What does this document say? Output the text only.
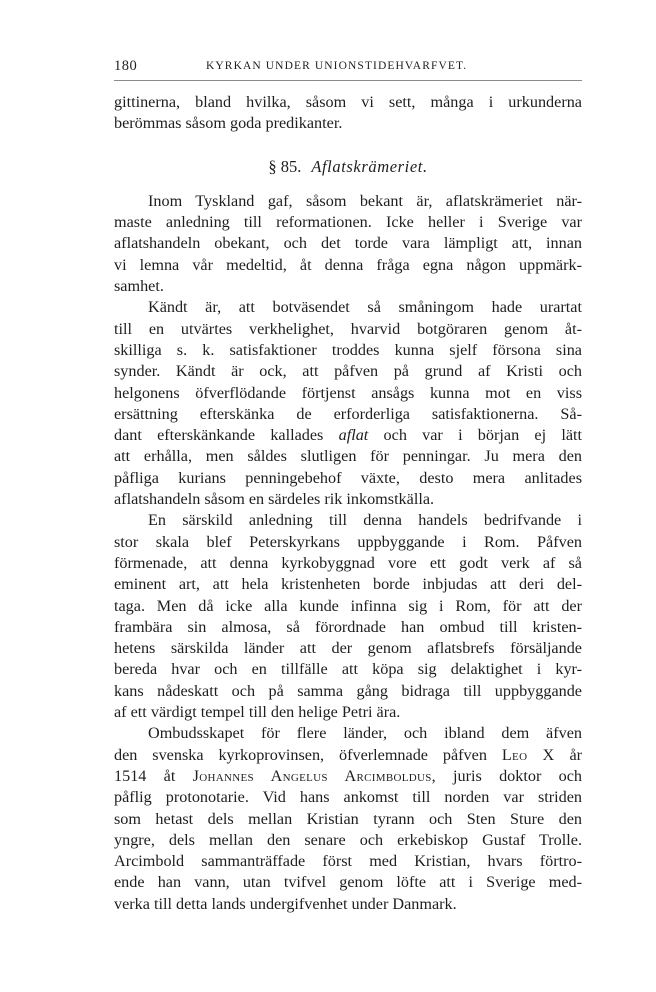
180	KYRKAN UNDER UNIONSTIDEHVARFVET.
gittinerna, bland hvilka, såsom vi sett, många i urkunderna
berömmas såsom goda predikanter.
§ 85. Aflatskrämeriet.
Inom Tyskland gaf, såsom bekant är, aflatskrämeriet när-
maste anledning till reformationen. Icke heller i Sverige var
aflatshandeln obekant, och det torde vara lämpligt att, innan
vi lemna vår medeltid, åt denna fråga egna någon uppmärk-
samhet.
Kändt är, att botväsendet så småningom hade urartat
till en utvärtes verkhelighet, hvarvid botgöraren genom åt-
skilliga s. k. satisfaktioner troddes kunna sjelf försona sina
synder. Kändt är ock, att påfven på grund af Kristi och
helgonens öfverflödande förtjenst ansågs kunna mot en viss
ersättning efterskänka de erforderliga satisfaktionerna. Så-
dant efterskänkande kallades aflat och var i början ej lätt
att erhålla, men såldes slutligen för penningar. Ju mera den
påfliga kurians penningebehof växte, desto mera anlitades
aflatshandeln såsom en särdeles rik inkomstkälla.
En särskild anledning till denna handels bedrifvande i
stor skala blef Peterskyrkans uppbyggande i Rom. Påfven
förmenade, att denna kyrkobyggnad vore ett godt verk af så
eminent art, att hela kristenheten borde inbjudas att deri del-
taga. Men då icke alla kunde infinna sig i Rom, för att der
frambära sin almosa, så förordnade han ombud till kristen-
hetens särskilda länder att der genom aflatsbrefs försäljande
bereda hvar och en tillfälle att köpa sig delaktighet i kyr-
kans nådeskatt och på samma gång bidraga till uppbyggande
af ett värdigt tempel till den helige Petri ära.
Ombudsskapet för flere länder, och ibland dem äfven
den svenska kyrkoprovinsen, öfverlemnade påfven Leo X år
1514 åt Johannes Angelus Arcimboldus, juris doktor och
påflig protonotarie. Vid hans ankomst till norden var striden
som hetast dels mellan Kristian tyrann och Sten Sture den
yngre, dels mellan den senare och erkebiskop Gustaf Trolle.
Arcimbold sammanträffade först med Kristian, hvars förtro-
ende han vann, utan tvifvel genom löfte att i Sverige med-
verka till detta lands undergifvenhet under Danmark.
